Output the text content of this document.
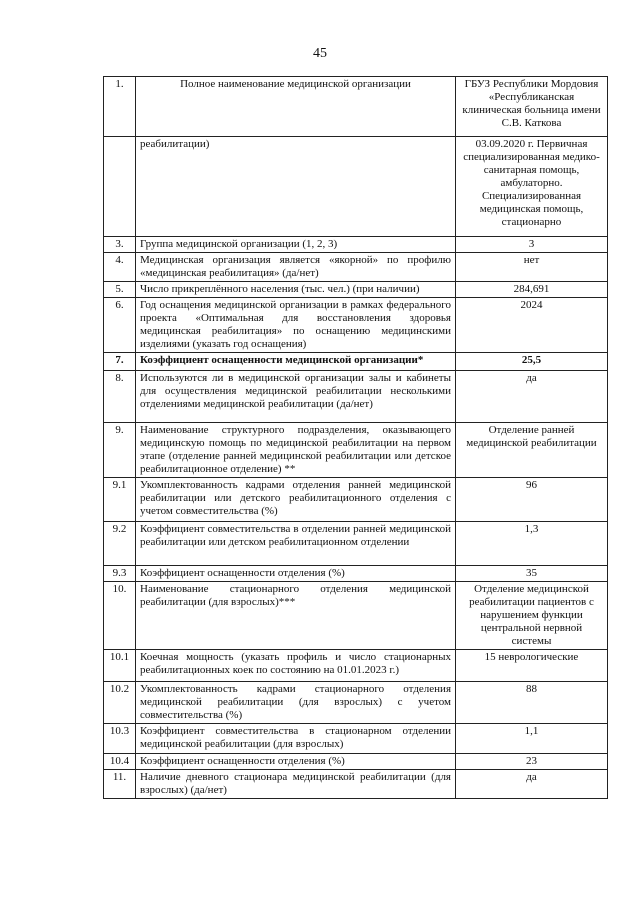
45
1.	Полное наименование медицинской организации	ГБУЗ Республики Мордовия «Республиканская клиническая больница имени С.В. Каткова
	реабилитации)	03.09.2020 г. Первичная специализированная медико-санитарная помощь, амбулаторно. Специализированная медицинская помощь, стационарно
3.	Группа медицинской организации (1, 2, 3)	3
4.	Медицинская организация является «якорной» по профилю «медицинская реабилитация» (да/нет)	нет
5.	Число прикреплённого населения (тыс. чел.) (при наличии)	284,691
6.	Год оснащения медицинской организации в рамках федерального проекта «Оптимальная для восстановления здоровья медицинская реабилитация» по оснащению медицинскими изделиями (указать год оснащения)	2024
7.	Коэффициент оснащенности медицинской организации*	25,5
8.	Используются ли в медицинской организации залы и кабинеты для осуществления медицинской реабилитации несколькими отделениями медицинской реабилитации (да/нет)	да
9.	Наименование структурного подразделения, оказывающего медицинскую помощь по медицинской реабилитации на первом этапе (отделение ранней медицинской реабилитации или детское реабилитационное отделение) **	Отделение ранней медицинской реабилитации
9.1	Укомплектованность кадрами отделения ранней медицинской реабилитации или детского реабилитационного отделения с учетом совместительства (%)	96
9.2	Коэффициент совместительства в отделении ранней медицинской реабилитации или детском реабилитационном отделении	1,3
9.3	Коэффициент оснащенности отделения (%)	35
10.	Наименование стационарного отделения медицинской реабилитации (для взрослых)***	Отделение медицинской реабилитации пациентов с нарушением функции центральной нервной системы
10.1	Коечная мощность (указать профиль и число стационарных реабилитационных коек по состоянию на 01.01.2023 г.)	15 неврологические
10.2	Укомплектованность кадрами стационарного отделения медицинской реабилитации (для взрослых) с учетом совместительства (%)	88
10.3	Коэффициент совместительства в стационарном отделении медицинской реабилитации (для взрослых)	1,1
10.4	Коэффициент оснащенности отделения (%)	23
11.	Наличие дневного стационара медицинской реабилитации (для взрослых) (да/нет)	да
